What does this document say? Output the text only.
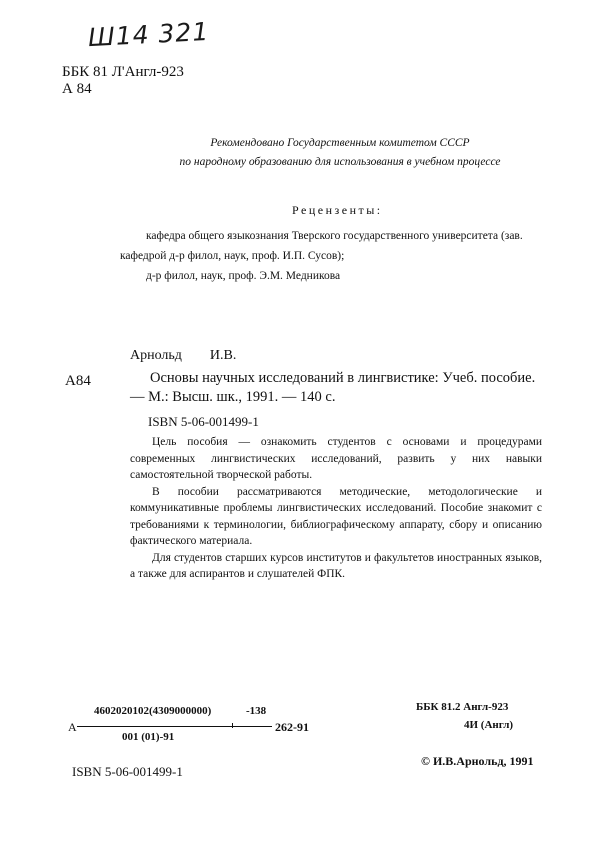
Ш14 321
ББК 81 Л'Англ-923
А 84
Рекомендовано Государственным комитетом СССР
по народному образованию для использования в учебном процессе
Рецензенты:

кафедра общего языкознания Тверского государственного университета (зав. кафедрой д-р филол, наук, проф. И.П. Сусов);

д-р филол, наук, проф. Э.М. Медникова

Арнольд И.В.
А84	Основы научных исследований в лингвистике: Учеб. пособие. — М.: Высш. шк., 1991. — 140 с.
ISBN 5-06-001499-1

Цель пособия — ознакомить студентов с основами и процедурами современных лингвистических исследований, развить у них навыки самостоятельной творческой работы.

В пособии рассматриваются методические, методологические и коммуникативные проблемы лингвистических исследований. Пособие знакомит с требованиями к терминологии, библиографическому аппарату, сбору и описанию фактического материала.

Для студентов старших курсов институтов и факультетов иностранных языков, а также для аспирантов и слушателей ФПК.

А
4602020102(4309000000)	-138
001 (01)-91
262-91
ББК 81.2 Англ-923
4И (Англ)
ISBN 5-06-001499-1
© И.В.Арнольд, 1991
